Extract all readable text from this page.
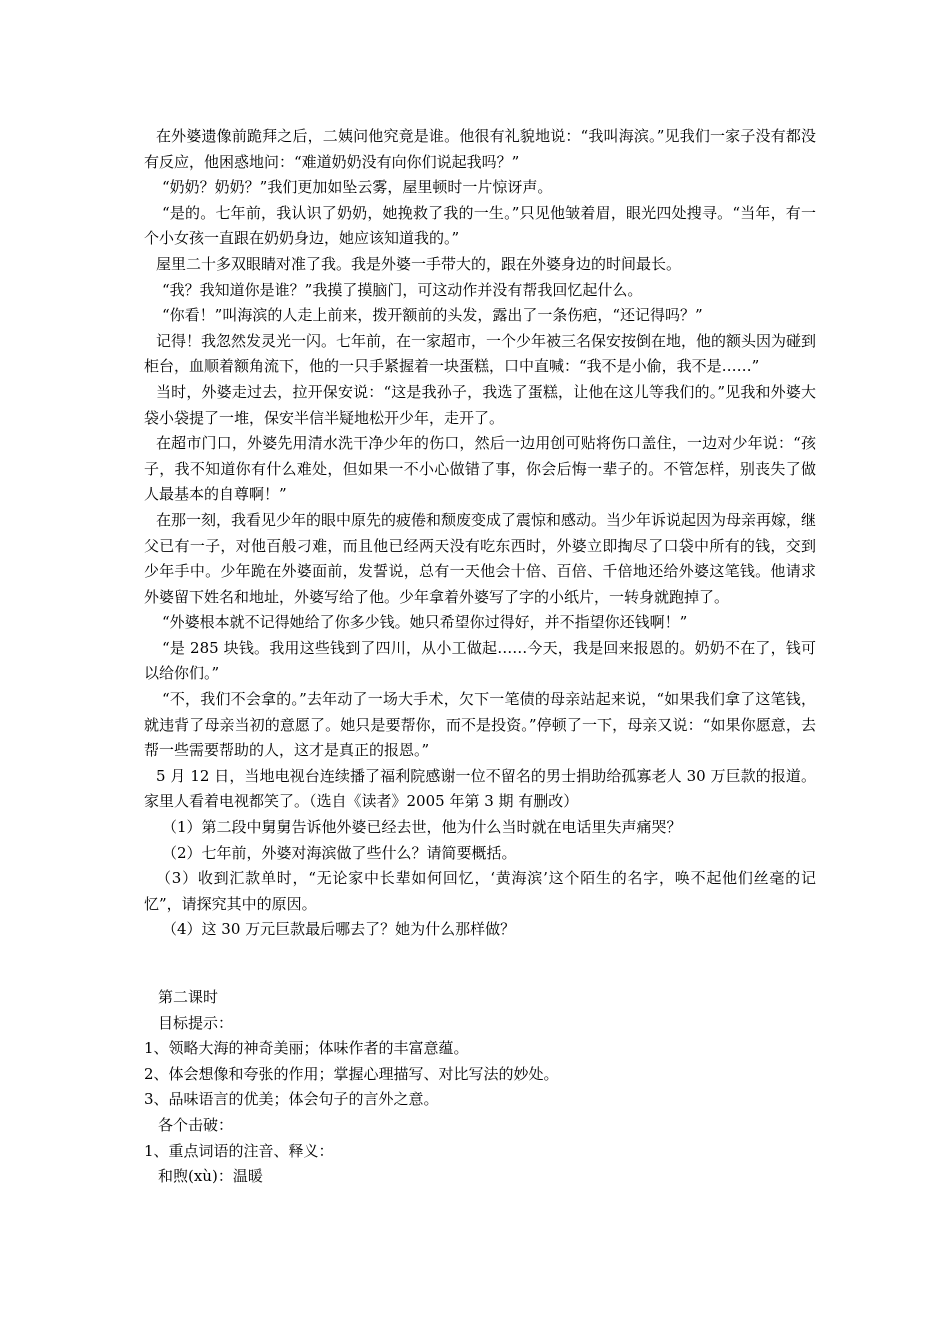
在外婆遗像前跪拜之后，二姨问他究竟是谁。他很有礼貌地说：“我叫海滨。”见我们一家子没有都没有反应，他困惑地问：“难道奶奶没有向你们说起我吗？”

“奶奶？奶奶？”我们更加如坠云雾，屋里顿时一片惊讶声。

“是的。七年前，我认识了奶奶，她挽救了我的一生。”只见他皱着眉，眼光四处搜寻。“当年，有一个小女孩一直跟在奶奶身边，她应该知道我的。”

屋里二十多双眼睛对准了我。我是外婆一手带大的，跟在外婆身边的时间最长。

“我？我知道你是谁？”我摸了摸脑门，可这动作并没有帮我回忆起什么。

“你看！”叫海滨的人走上前来，拨开额前的头发，露出了一条伤疤，“还记得吗？”

记得！我忽然发灵光一闪。七年前，在一家超市，一个少年被三名保安按倒在地，他的额头因为碰到柜台，血顺着额角流下，他的一只手紧握着一块蛋糕，口中直喊：“我不是小偷，我不是……”

当时，外婆走过去，拉开保安说：“这是我孙子，我选了蛋糕，让他在这儿等我们的。”见我和外婆大袋小袋提了一堆，保安半信半疑地松开少年，走开了。

在超市门口，外婆先用清水洗干净少年的伤口，然后一边用创可贴将伤口盖住，一边对少年说：“孩子，我不知道你有什么难处，但如果一不小心做错了事，你会后悔一辈子的。不管怎样，别丧失了做人最基本的自尊啊！”

在那一刻，我看见少年的眼中原先的疲倦和颓废变成了震惊和感动。当少年诉说起因为母亲再嫁，继父已有一子，对他百般刁难，而且他已经两天没有吃东西时，外婆立即掏尽了口袋中所有的钱，交到少年手中。少年跪在外婆面前，发誓说，总有一天他会十倍、百倍、千倍地还给外婆这笔钱。他请求外婆留下姓名和地址，外婆写给了他。少年拿着外婆写了字的小纸片，一转身就跑掉了。

“外婆根本就不记得她给了你多少钱。她只希望你过得好，并不指望你还钱啊！”

“是 285 块钱。我用这些钱到了四川，从小工做起……今天，我是回来报恩的。奶奶不在了，钱可以给你们。”

“不，我们不会拿的。”去年动了一场大手术，欠下一笔债的母亲站起来说，“如果我们拿了这笔钱，就违背了母亲当初的意愿了。她只是要帮你，而不是投资。”停顿了一下，母亲又说：“如果你愿意，去帮一些需要帮助的人，这才是真正的报恩。”

5 月 12 日，当地电视台连续播了福利院感谢一位不留名的男士捐助给孤寡老人 30 万巨款的报道。家里人看着电视都笑了。（选自《读者》2005 年第 3 期 有删改）

（1）第二段中舅舅告诉他外婆已经去世，他为什么当时就在电话里失声痛哭？

（2）七年前，外婆对海滨做了些什么？请简要概括。

（3）收到汇款单时，“无论家中长辈如何回忆，‘黄海滨’这个陌生的名字，唤不起他们丝毫的记忆”，请探究其中的原因。

（4）这 30 万元巨款最后哪去了？她为什么那样做？

第二课时

目标提示：

1、领略大海的神奇美丽；体味作者的丰富意蕴。

2、体会想像和夸张的作用；掌握心理描写、对比写法的妙处。

3、品味语言的优美；体会句子的言外之意。

各个击破：

1、重点词语的注音、释义：

和煦(xù)：温暖
